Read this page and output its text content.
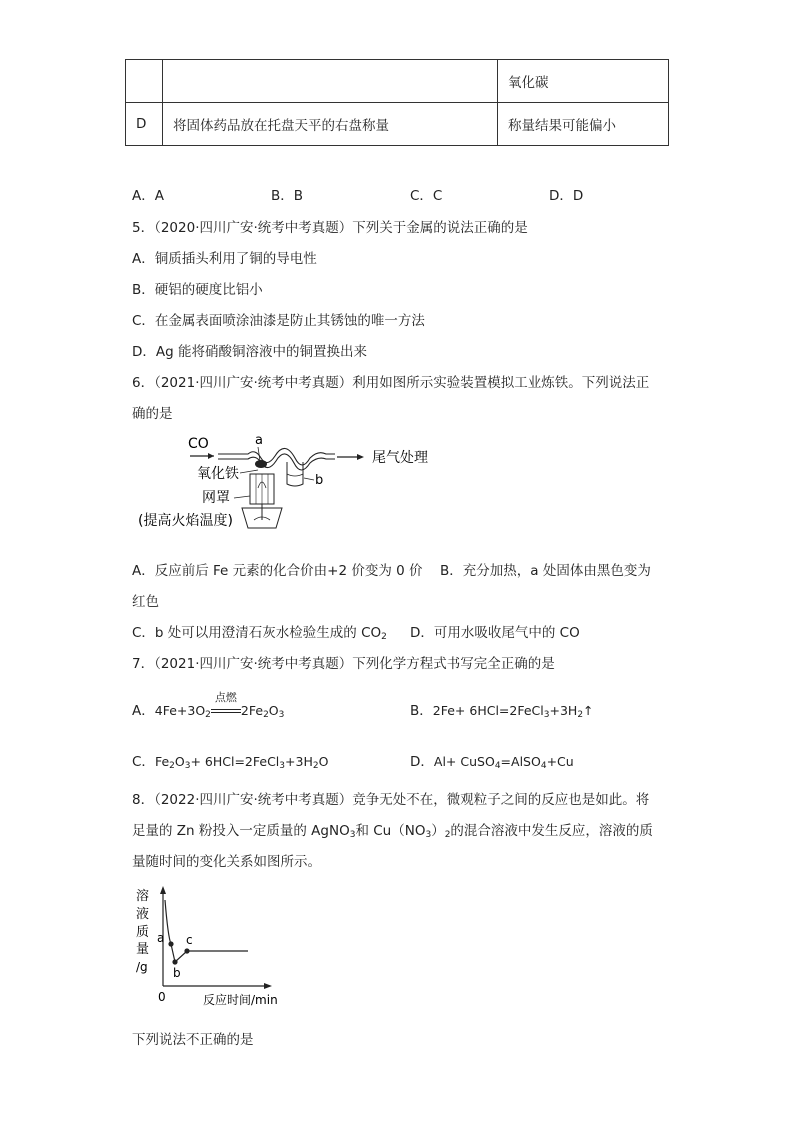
		氧化碳
D	将固体药品放在托盘天平的右盘称量	称量结果可能偏小
A．A	B．B	C．C	D．D
5．（2020·四川广安·统考中考真题）下列关于金属的说法正确的是
A．铜质插头利用了铜的导电性
B．硬铝的硬度比铝小
C．在金属表面喷涂油漆是防止其锈蚀的唯一方法
D．Ag 能将硝酸铜溶液中的铜置换出来
6．（2021·四川广安·统考中考真题）利用如图所示实验装置模拟工业炼铁。下列说法正
确的是
CO	a
尾气处理
b
氧化铁
网罩
(提高火焰温度)
A．反应前后 Fe 元素的化合价由+2 价变为 0 价 B．充分加热，a 处固体由黑色变为
红色
C．b 处可以用澄清石灰水检验生成的 $CO_2$ D．可用水吸收尾气中的 CO
7．（2021·四川广安·统考中考真题）下列化学方程式书写完全正确的是
A．$4Fe+3O_2$
点燃
$2Fe_2O_3$	B．$2Fe+ 6HCl=2FeCl_3+3H_2↑$
C．$Fe_2O_3+$ $6HCl=2FeCl_3+3H_2O$	D．Al+ CuSO$_4$=AlSO$_4$+Cu
8．（2022·四川广安·统考中考真题）竞争无处不在，微观粒子之间的反应也是如此。将
足量的 Zn 粉投入一定质量的 AgNO$_3$和 $Cu(NO_3)_2$的混合溶液中发生反应，溶液的质
量随时间的变化关系如图所示。
溶
液
质
量
/g
a
b
c
0	反应时间/min
下列说法不正确的是
